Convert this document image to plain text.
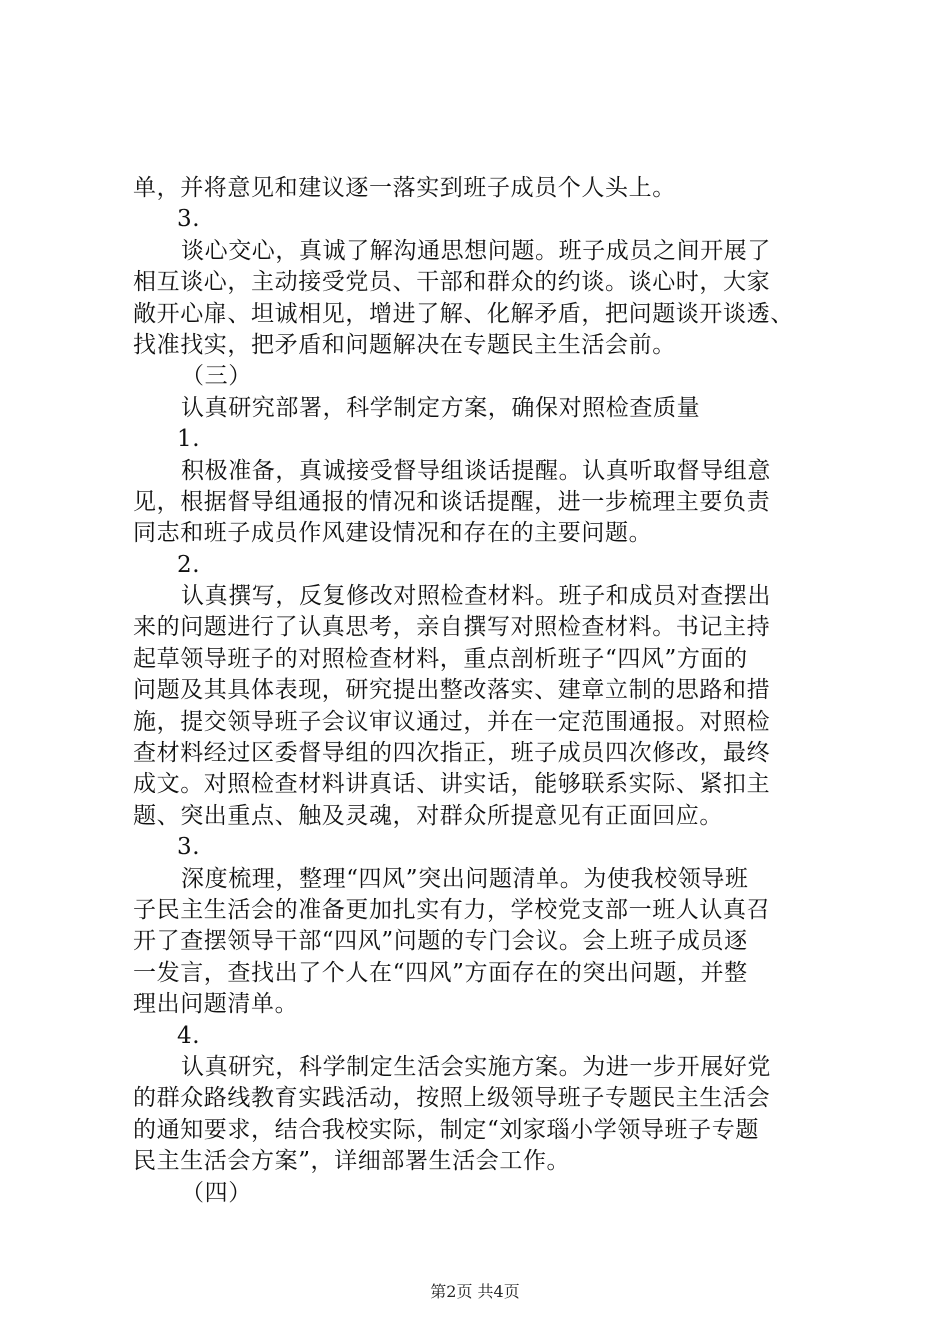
单，并将意见和建议逐一落实到班子成员个人头上。
3.
谈心交心，真诚了解沟通思想问题。班子成员之间开展了
相互谈心，主动接受党员、干部和群众的约谈。谈心时，大家
敞开心扉、坦诚相见，增进了解、化解矛盾，把问题谈开谈透、
找准找实，把矛盾和问题解决在专题民主生活会前。
（三）
认真研究部署，科学制定方案，确保对照检查质量
1.
积极准备，真诚接受督导组谈话提醒。认真听取督导组意
见，根据督导组通报的情况和谈话提醒，进一步梳理主要负责
同志和班子成员作风建设情况和存在的主要问题。
2.
认真撰写，反复修改对照检查材料。班子和成员对查摆出
来的问题进行了认真思考，亲自撰写对照检查材料。书记主持
起草领导班子的对照检查材料，重点剖析班子“四风”方面的
问题及其具体表现，研究提出整改落实、建章立制的思路和措
施，提交领导班子会议审议通过，并在一定范围通报。对照检
查材料经过区委督导组的四次指正，班子成员四次修改，最终
成文。对照检查材料讲真话、讲实话，能够联系实际、紧扣主
题、突出重点、触及灵魂，对群众所提意见有正面回应。
3.
深度梳理，整理“四风”突出问题清单。为使我校领导班
子民主生活会的准备更加扎实有力，学校党支部一班人认真召
开了查摆领导干部“四风”问题的专门会议。会上班子成员逐
一发言，查找出了个人在“四风”方面存在的突出问题，并整
理出问题清单。
4.
认真研究，科学制定生活会实施方案。为进一步开展好党
的群众路线教育实践活动，按照上级领导班子专题民主生活会
的通知要求，结合我校实际，制定“刘家瑙小学领导班子专题
民主生活会方案”，详细部署生活会工作。
（四）
第2页 共4页
